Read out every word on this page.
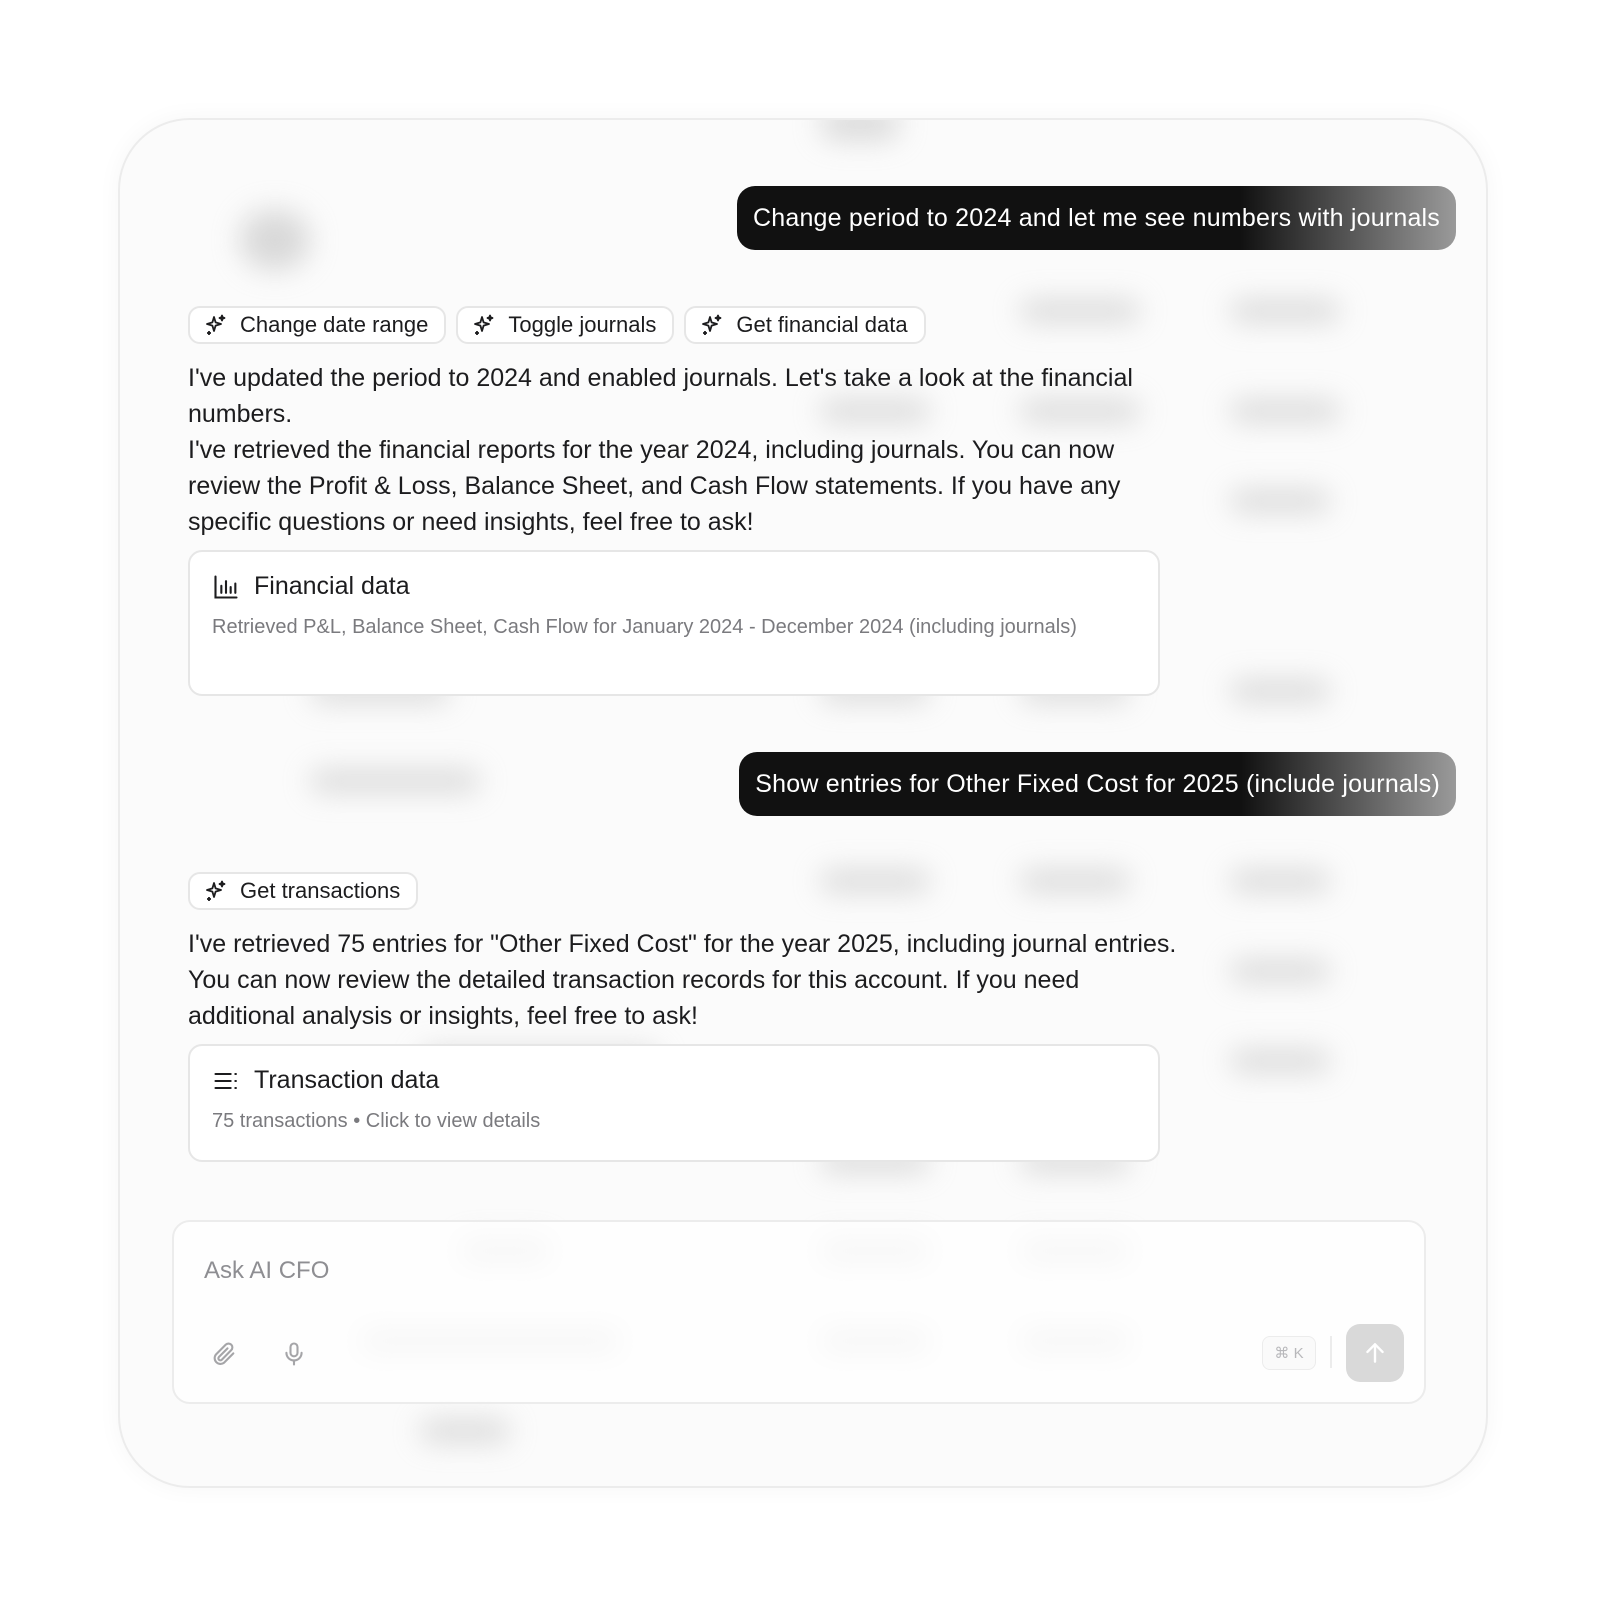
Change period to 2024 and let me see numbers with journals
Change date range	Toggle journals	Get financial data

I've updated the period to 2024 and enabled journals. Let's take a look at the financial numbers.

I've retrieved the financial reports for the year 2024, including journals. You can now review the Profit & Loss, Balance Sheet, and Cash Flow statements. If you have any specific questions or need insights, feel free to ask!

Financial data
Retrieved P&L, Balance Sheet, Cash Flow for January 2024 - December 2024 (including journals)
Show entries for Other Fixed Cost for 2025 (include journals)
Get transactions

I've retrieved 75 entries for "Other Fixed Cost" for the year 2025, including journal entries. You can now review the detailed transaction records for this account. If you need additional analysis or insights, feel free to ask!

Transaction data
75 transactions • Click to view details
Ask AI CFO
⌘ K
